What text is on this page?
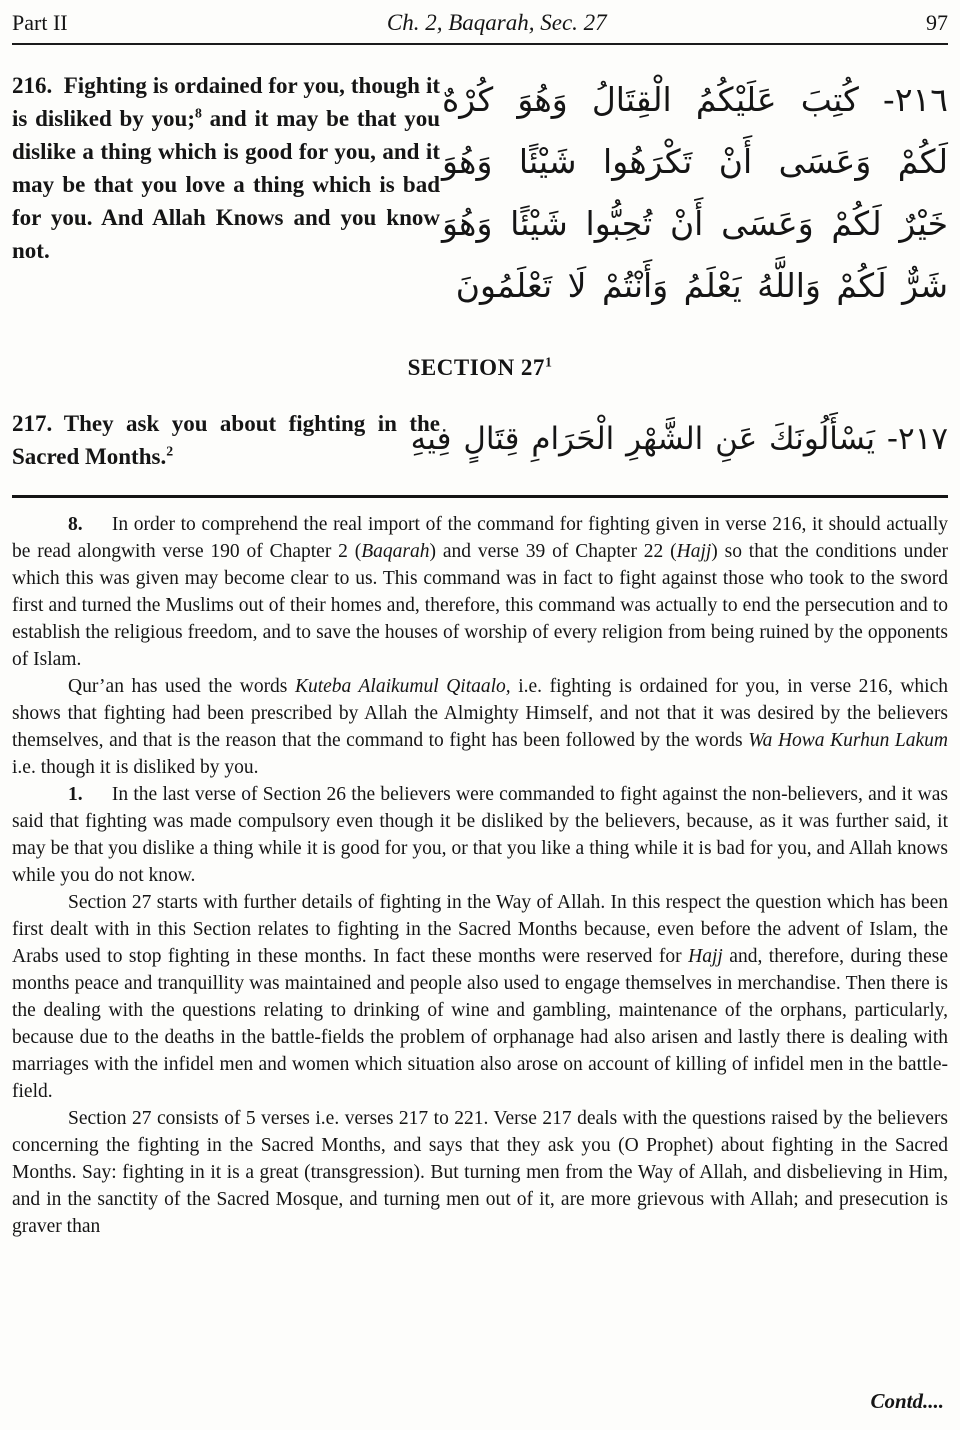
Part II	Ch. 2, Baqarah, Sec. 27	97
216. Fighting is ordained for you, though it is disliked by you;$^8$ and it may be that you dislike a thing which is good for you, and it may be that you love a thing which is bad for you. And Allah Knows and you know not.
٢١٦- كُتِبَ عَلَيْكُمُ الْقِتَالُ وَهُوَ كُرْهٌ لَكُمْ وَعَسَى أَنْ تَكْرَهُوا شَيْئًا وَهُوَ خَيْرٌ لَكُمْ وَعَسَى أَنْ تُحِبُّوا شَيْئًا وَهُوَ شَرٌّ لَكُمْ وَاللَّهُ يَعْلَمُ وَأَنْتُمْ لَا تَعْلَمُونَ
SECTION $27^1$
217. They ask you about fighting in the Sacred Months.$^2$	٢١٧- يَسْأَلُونَكَ عَنِ الشَّهْرِ الْحَرَامِ قِتَالٍ فِيهِ

8.  In order to comprehend the real import of the command for fighting given in verse 216, it should actually be read alongwith verse 190 of Chapter 2 (Baqarah) and verse 39 of Chapter 22 (Hajj) so that the conditions under which this was given may become clear to us. This command was in fact to fight against those who took to the sword first and turned the Muslims out of their homes and, therefore, this command was actually to end the persecution and to establish the religious freedom, and to save the houses of worship of every religion from being ruined by the opponents of Islam.

Qur’an has used the words Kuteba Alaikumul Qitaalo, i.e. fighting is ordained for you, in verse 216, which shows that fighting had been prescribed by Allah the Almighty Himself, and not that it was desired by the believers themselves, and that is the reason that the command to fight has been followed by the words Wa Howa Kurhun Lakum i.e. though it is disliked by you.

1.  In the last verse of Section 26 the believers were commanded to fight against the non-believers, and it was said that fighting was made compulsory even though it be disliked by the believers, because, as it was further said, it may be that you dislike a thing while it is good for you, or that you like a thing while it is bad for you, and Allah knows while you do not know.

Section 27 starts with further details of fighting in the Way of Allah. In this respect the question which has been first dealt with in this Section relates to fighting in the Sacred Months because, even before the advent of Islam, the Arabs used to stop fighting in these months. In fact these months were reserved for Hajj and, therefore, during these months peace and tranquillity was maintained and people also used to engage themselves in merchandise. Then there is the dealing with the questions relating to drinking of wine and gambling, maintenance of the orphans, particularly, because due to the deaths in the battle-fields the problem of orphanage had also arisen and lastly there is dealing with marriages with the infidel men and women which situation also arose on account of killing of infidel men in the battle-field.

Section 27 consists of 5 verses i.e. verses 217 to 221. Verse 217 deals with the questions raised by the believers concerning the fighting in the Sacred Months, and says that they ask you (O Prophet) about fighting in the Sacred Months. Say: fighting in it is a great (transgression). But turning men from the Way of Allah, and disbelieving in Him, and in the sanctity of the Sacred Mosque, and turning men out of it, are more grievous with Allah; and presecution is graver than

Contd....
